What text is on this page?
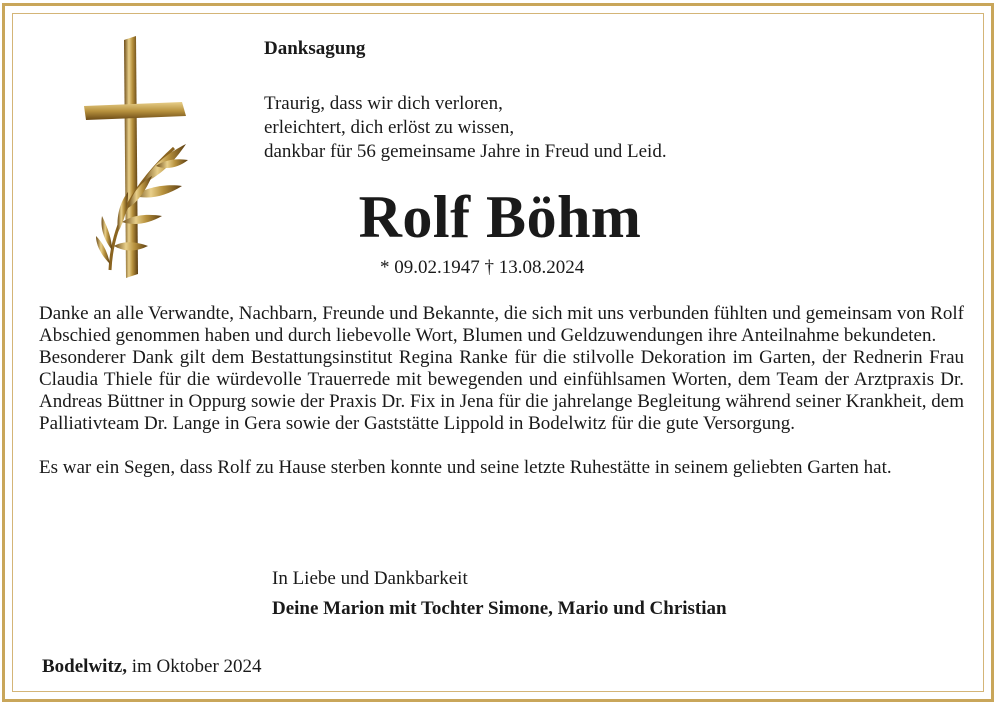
Danksagung
Traurig, dass wir dich verloren,
erleichtert, dich erlöst zu wissen,
dankbar für 56 gemeinsame Jahre in Freud und Leid.
Rolf Böhm
* 09.02.1947 † 13.08.2024

Danke an alle Verwandte, Nachbarn, Freunde und Bekannte, die sich mit uns verbunden fühlten und gemeinsam von Rolf Abschied genommen haben und durch liebevolle Wort, Blumen und Geldzuwendungen ihre Anteilnahme bekundeten.

Besonderer Dank gilt dem Bestattungsinstitut Regina Ranke für die stilvolle Dekoration im Garten, der Rednerin Frau Claudia Thiele für die würdevolle Trauerrede mit bewegenden und einfühlsamen Worten, dem Team der Arztpraxis Dr. Andreas Büttner in Oppurg sowie der Praxis Dr. Fix in Jena für die jahrelange Begleitung während seiner Krankheit, dem Palliativteam Dr. Lange in Gera sowie der Gaststätte Lippold in Bodelwitz für die gute Versorgung.

Es war ein Segen, dass Rolf zu Hause sterben konnte und seine letzte Ruhestätte in seinem geliebten Garten hat.

In Liebe und Dankbarkeit
Deine Marion mit Tochter Simone, Mario und Christian
Bodelwitz, im Oktober 2024
